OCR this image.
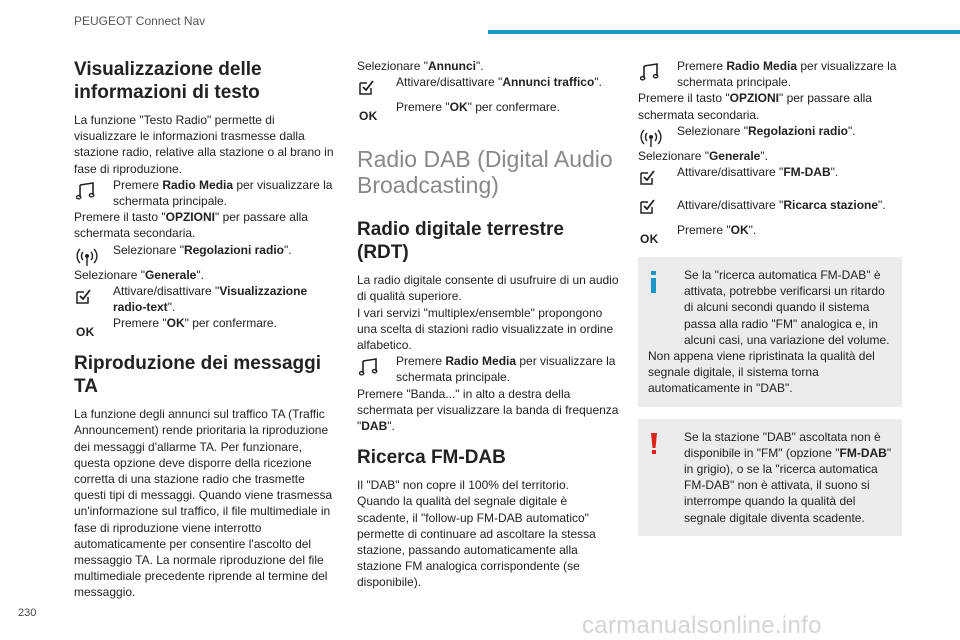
PEUGEOT Connect Nav
Visualizzazione delle informazioni di testo

La funzione "Testo Radio" permette di visualizzare le informazioni trasmesse dalla stazione radio, relative alla stazione o al brano in fase di riproduzione.

Premere Radio Media per visualizzare la schermata principale.

Premere il tasto "OPZIONI" per passare alla schermata secondaria.

Selezionare "Regolazioni radio".

Selezionare "Generale".

Attivare/disattivare "Visualizzazione radio-text".

OK

Premere "OK" per confermare.

Riproduzione dei messaggi TA

La funzione degli annunci sul traffico TA (Traffic Announcement) rende prioritaria la riproduzione dei messaggi d'allarme TA. Per funzionare, questa opzione deve disporre della ricezione corretta di una stazione radio che trasmette questi tipi di messaggi. Quando viene trasmessa un'informazione sul traffico, il file multimediale in fase di riproduzione viene interrotto automaticamente per consentire l'ascolto del messaggio TA. La normale riproduzione del file multimediale precedente riprende al termine del messaggio.

Selezionare "Annunci".

Attivare/disattivare "Annunci traffico".

OK

Premere "OK" per confermare.

Radio DAB (Digital Audio Broadcasting)
Radio digitale terrestre (RDT)

La radio digitale consente di usufruire di un audio di qualità superiore.

I vari servizi "multiplex/ensemble" propongono una scelta di stazioni radio visualizzate in ordine alfabetico.

Premere Radio Media per visualizzare la schermata principale.

Premere "Banda..." in alto a destra della schermata per visualizzare la banda di frequenza "DAB".

Ricerca FM-DAB

Il "DAB" non copre il 100% del territorio.

Quando la qualità del segnale digitale è scadente, il "follow-up FM-DAB automatico" permette di continuare ad ascoltare la stessa stazione, passando automaticamente alla stazione FM analogica corrispondente (se disponibile).

Premere Radio Media per visualizzare la schermata principale.

Premere il tasto "OPZIONI" per passare alla schermata secondaria.

Selezionare "Regolazioni radio".

Selezionare "Generale".

Attivare/disattivare "FM-DAB".

Attivare/disattivare "Ricarca stazione".

OK

Premere "OK".

Se la "ricerca automatica FM-DAB" è attivata, potrebbe verificarsi un ritardo di alcuni secondi quando il sistema passa alla radio "FM" analogica e, in alcuni casi, una variazione del volume.

Non appena viene ripristinata la qualità del segnale digitale, il sistema torna automaticamente in "DAB".

Se la stazione "DAB" ascoltata non è disponibile in "FM" (opzione "FM-DAB" in grigio), o se la "ricerca automatica FM-DAB" non è attivata, il suono si interrompe quando la qualità del segnale digitale diventa scadente.

230	carmanualsonline.info
